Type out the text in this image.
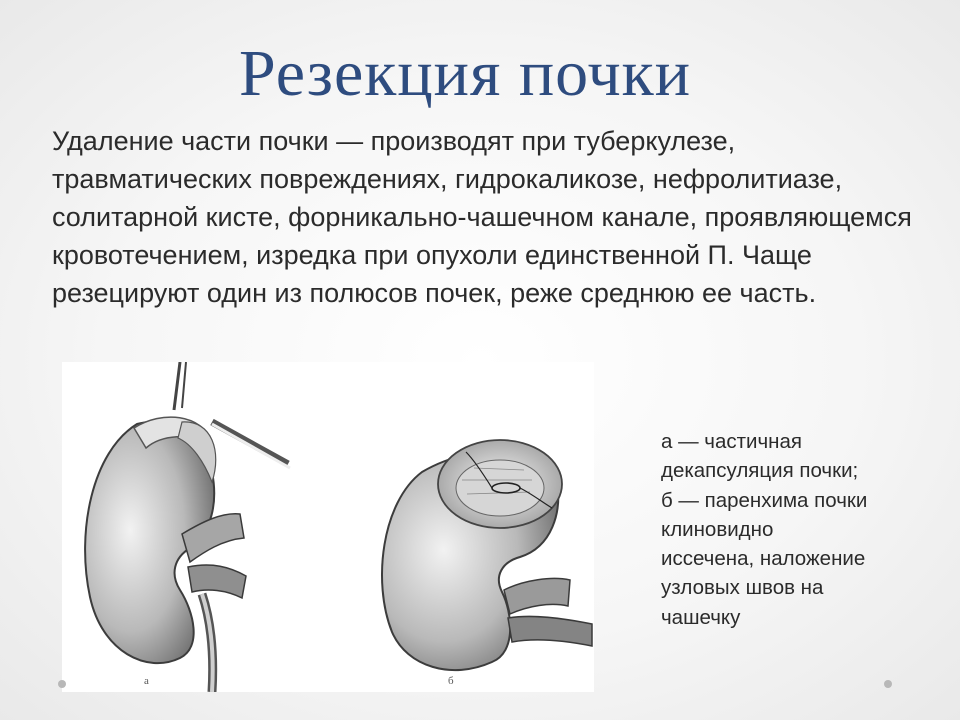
Резекция почки

Удаление части почки — производят при туберкулезе, травматических повреждениях, гидрокаликозе, нефролитиазе, солитарной кисте, форникально-чашечном канале, проявляющемся кровотечением, изредка при опухоли единственной П. Чаще резецируют один из полюсов почек, реже среднюю ее часть.

а	б
а — частичная
декапсуляция почки;
б — паренхима почки
клиновидно
иссечена, наложение
узловых швов на
чашечку
